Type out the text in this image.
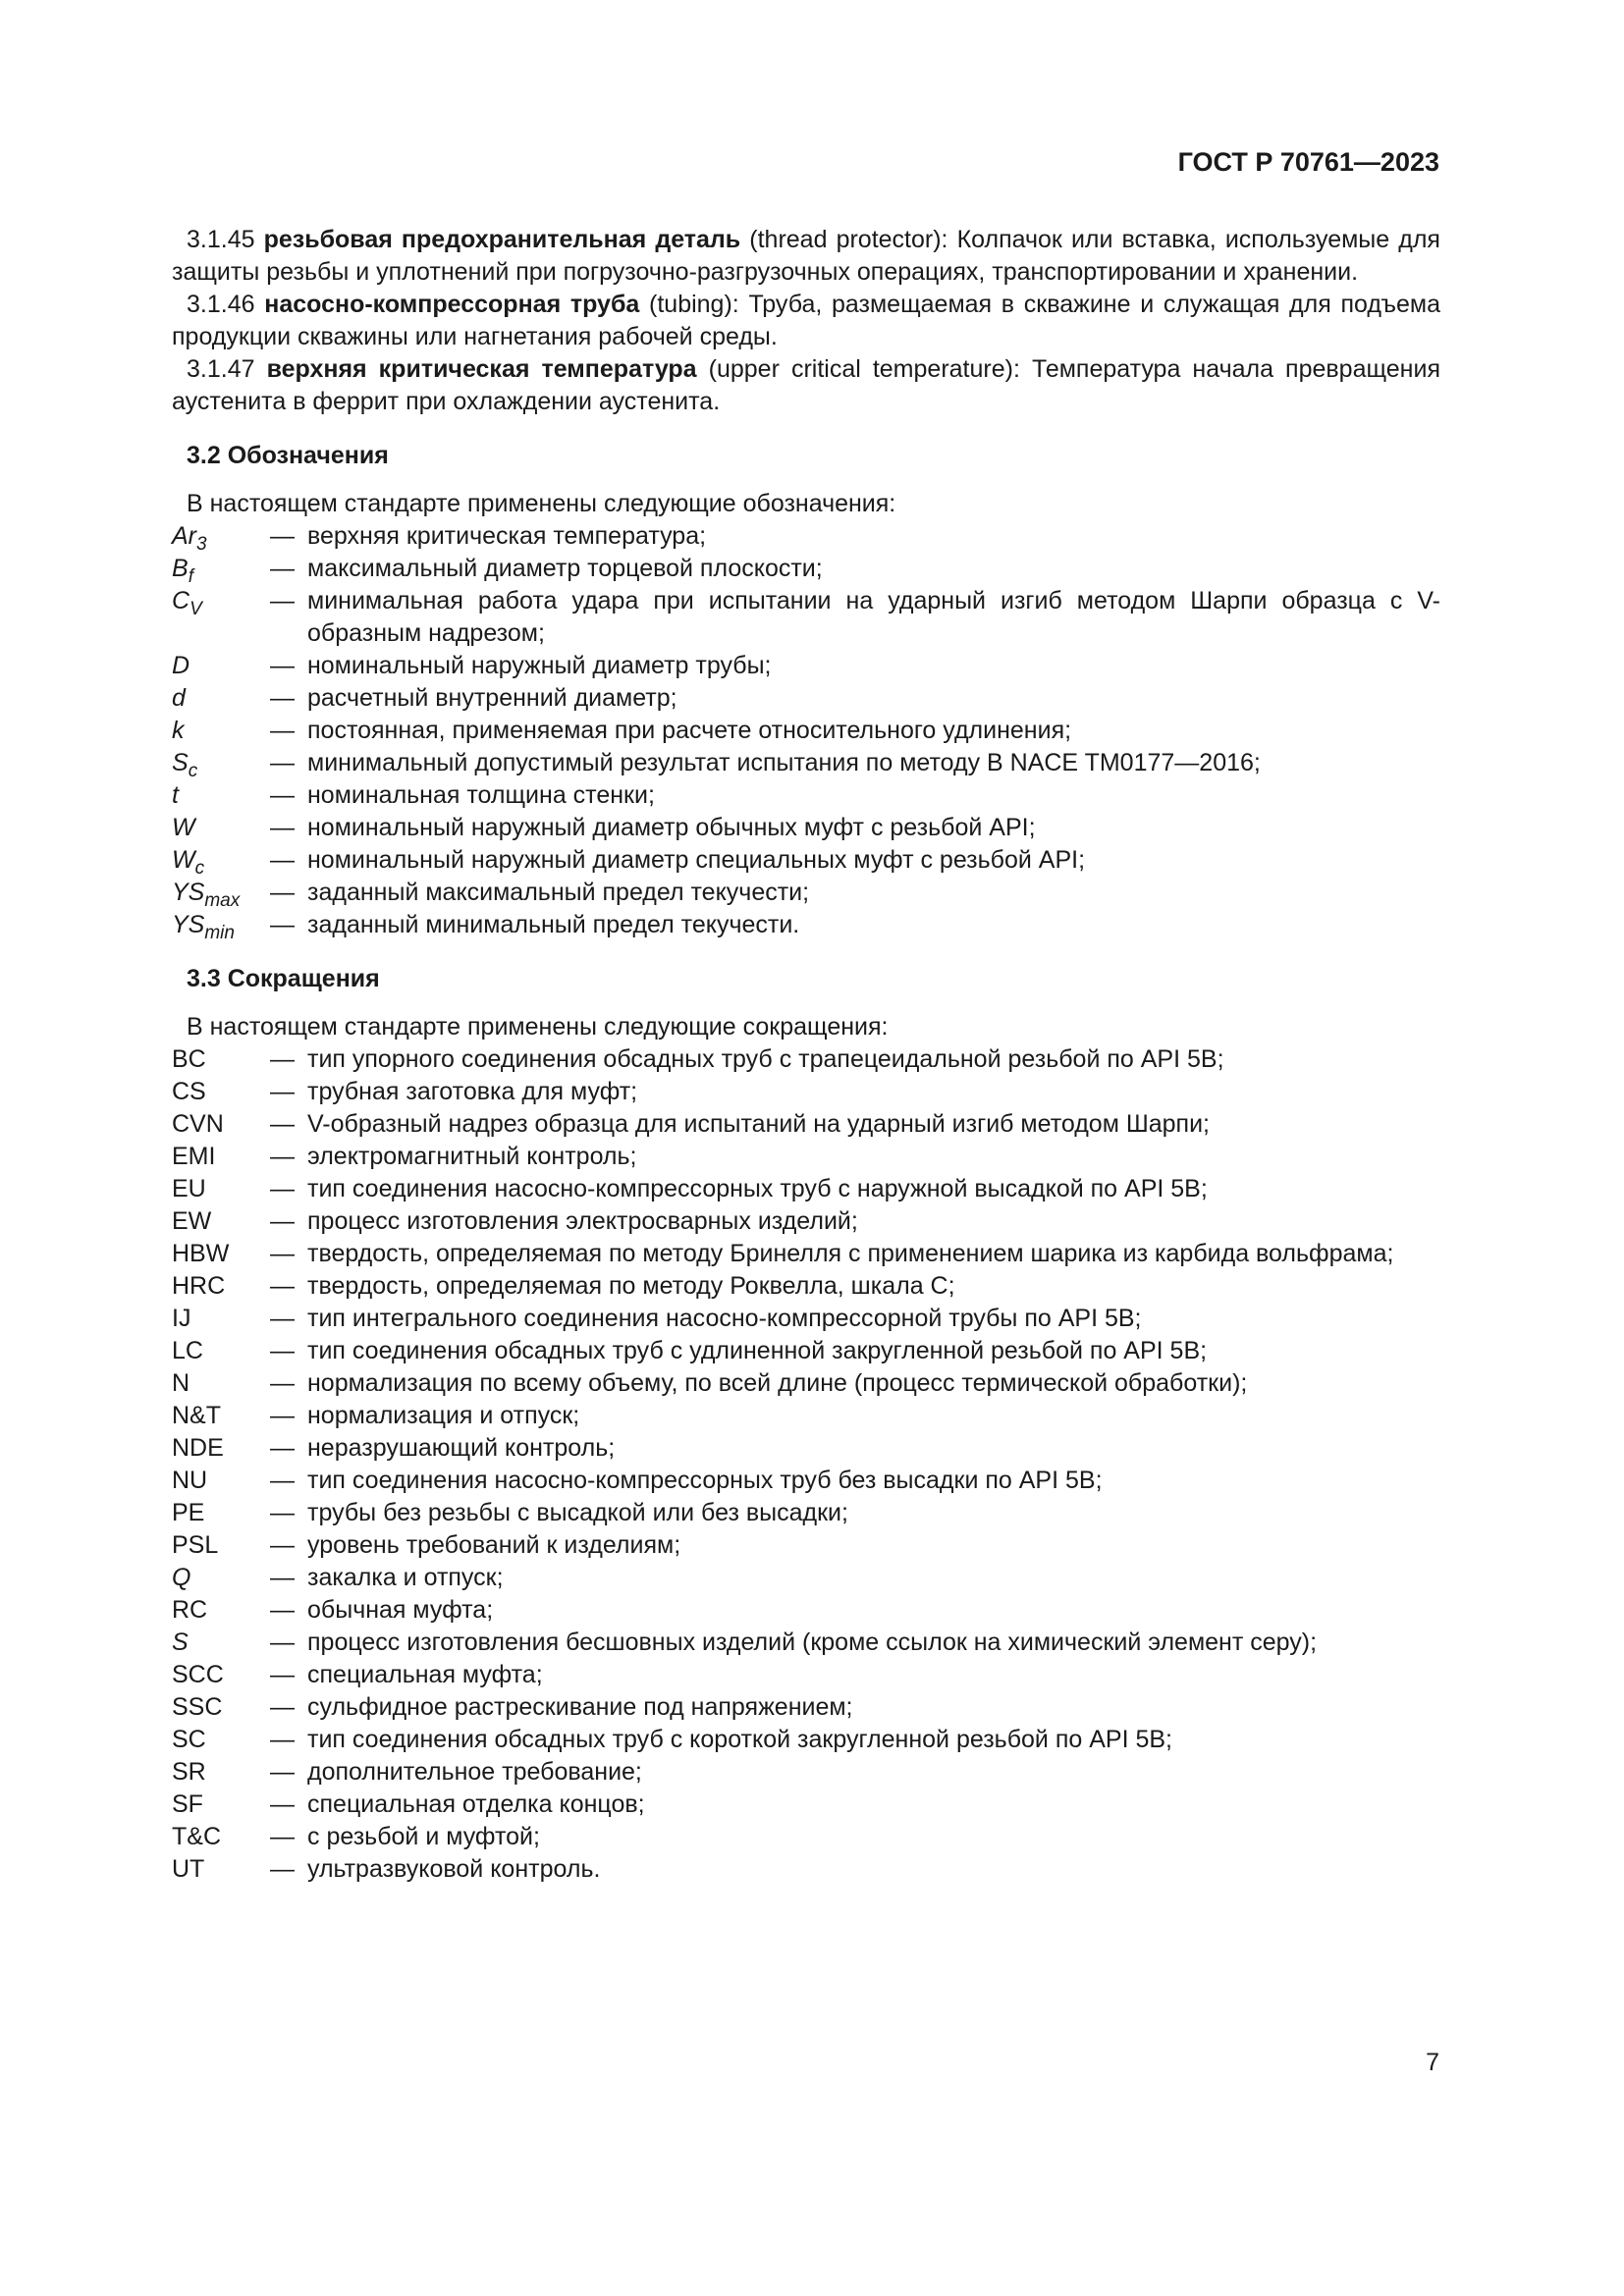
ГОСТ Р 70761—2023

3.1.45 резьбовая предохранительная деталь (thread protector): Колпачок или вставка, используемые для защиты резьбы и уплотнений при погрузочно-разгрузочных операциях, транспортировании и хранении.

3.1.46 насосно-компрессорная труба (tubing): Труба, размещаемая в скважине и служащая для подъема продукции скважины или нагнетания рабочей среды.

3.1.47 верхняя критическая температура (upper critical temperature): Температура начала превращения аустенита в феррит при охлаждении аустенита.

3.2 Обозначения
В настоящем стандарте применены следующие обозначения:
$Ar_3$	— верхняя критическая температура;
$B_f$	— максимальный диаметр торцевой плоскости;
$C_V$	— минимальная работа удара при испытании на ударный изгиб методом Шарпи образца с V-образным надрезом;
D	— номинальный наружный диаметр трубы;
d	— расчетный внутренний диаметр;
k	— постоянная, применяемая при расчете относительного удлинения;
$S_c$	— минимальный допустимый результат испытания по методу B NACE TM0177—2016;
t	— номинальная толщина стенки;
W	— номинальный наружный диаметр обычных муфт с резьбой API;
$W_c$	— номинальный наружный диаметр специальных муфт с резьбой API;
$YS_{max}$	— заданный максимальный предел текучести;
$YS_{min}$	— заданный минимальный предел текучести.
3.3 Сокращения
В настоящем стандарте применены следующие сокращения:
BC	— тип упорного соединения обсадных труб с трапецеидальной резьбой по API 5B;
CS	— трубная заготовка для муфт;
CVN	— V-образный надрез образца для испытаний на ударный изгиб методом Шарпи;
EMI	— электромагнитный контроль;
EU	— тип соединения насосно-компрессорных труб с наружной высадкой по API 5B;
EW	— процесс изготовления электросварных изделий;
HBW	— твердость, определяемая по методу Бринелля с применением шарика из карбида вольфрама;
HRC	— твердость, определяемая по методу Роквелла, шкала С;
IJ	— тип интегрального соединения насосно-компрессорной трубы по API 5B;
LC	— тип соединения обсадных труб с удлиненной закругленной резьбой по API 5B;
N	— нормализация по всему объему, по всей длине (процесс термической обработки);
N&T	— нормализация и отпуск;
NDE	— неразрушающий контроль;
NU	— тип соединения насосно-компрессорных труб без высадки по API 5B;
PE	— трубы без резьбы с высадкой или без высадки;
PSL	— уровень требований к изделиям;
Q	— закалка и отпуск;
RC	— обычная муфта;
S	— процесс изготовления бесшовных изделий (кроме ссылок на химический элемент серу);
SCC	— специальная муфта;
SSC	— сульфидное растрескивание под напряжением;
SC	— тип соединения обсадных труб с короткой закругленной резьбой по API 5B;
SR	— дополнительное требование;
SF	— специальная отделка концов;
T&C	— с резьбой и муфтой;
UT	— ультразвуковой контроль.
7
